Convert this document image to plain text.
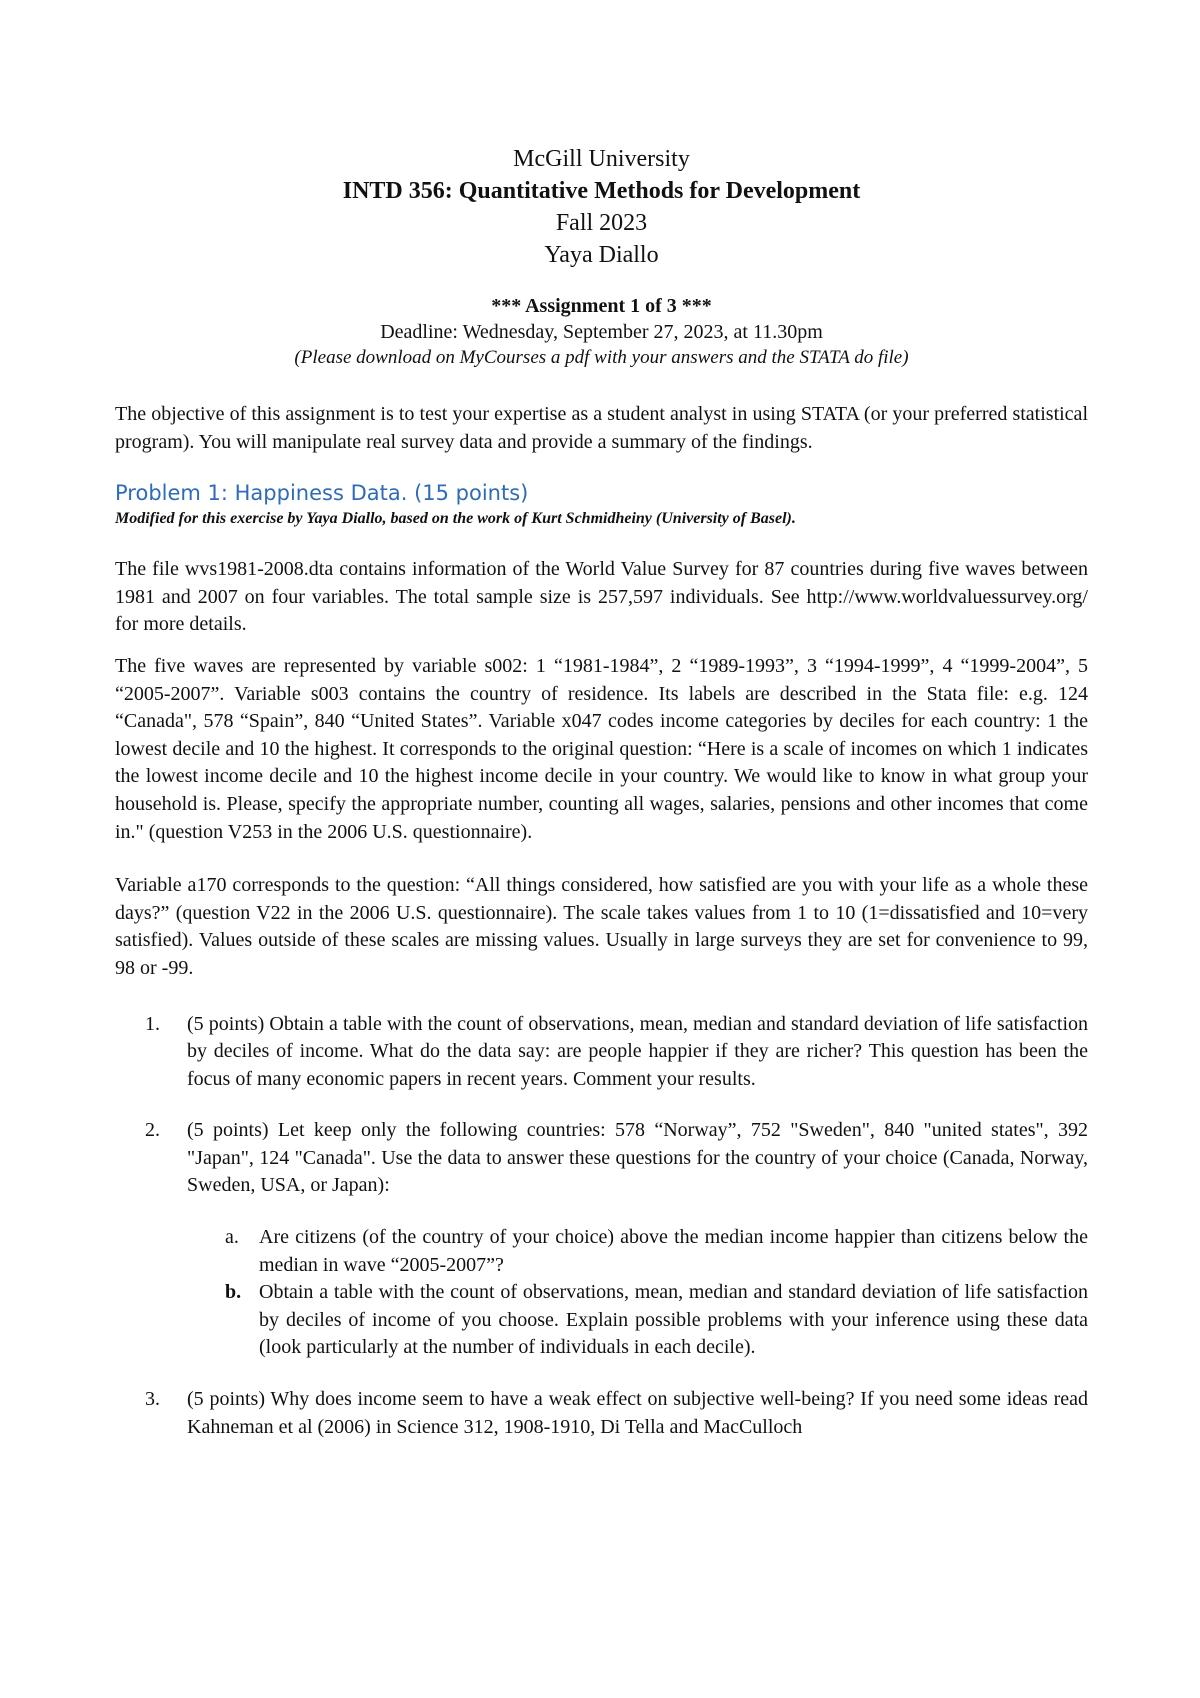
McGill University
INTD 356: Quantitative Methods for Development
Fall 2023
Yaya Diallo
*** Assignment 1 of 3 ***
Deadline: Wednesday, September 27, 2023, at 11.30pm
(Please download on MyCourses a pdf with your answers and the STATA do file)

The objective of this assignment is to test your expertise as a student analyst in using STATA (or your preferred statistical program). You will manipulate real survey data and provide a summary of the findings.

Problem 1: Happiness Data. (15 points)
Modified for this exercise by Yaya Diallo, based on the work of Kurt Schmidheiny (University of Basel).

The file wvs1981-2008.dta contains information of the World Value Survey for 87 countries during five waves between 1981 and 2007 on four variables. The total sample size is 257,597 individuals. See http://www.worldvaluessurvey.org/ for more details.

The five waves are represented by variable s002: 1 “1981-1984”, 2 “1989-1993”, 3 “1994-1999”, 4 “1999-2004”, 5 “2005-2007”. Variable s003 contains the country of residence. Its labels are described in the Stata file: e.g. 124 “Canada", 578 “Spain”, 840 “United States”. Variable x047 codes income categories by deciles for each country: 1 the lowest decile and 10 the highest. It corresponds to the original question: “Here is a scale of incomes on which 1 indicates the lowest income decile and 10 the highest income decile in your country. We would like to know in what group your household is. Please, specify the appropriate number, counting all wages, salaries, pensions and other incomes that come in." (question V253 in the 2006 U.S. questionnaire).

Variable a170 corresponds to the question: “All things considered, how satisfied are you with your life as a whole these days?” (question V22 in the 2006 U.S. questionnaire). The scale takes values from 1 to 10 (1=dissatisfied and 10=very satisfied). Values outside of these scales are missing values. Usually in large surveys they are set for convenience to 99, 98 or -99.

1. (5 points) Obtain a table with the count of observations, mean, median and standard deviation of life satisfaction by deciles of income. What do the data say: are people happier if they are richer? This question has been the focus of many economic papers in recent years. Comment your results.

2. (5 points) Let keep only the following countries: 578 “Norway”, 752 "Sweden", 840 "united states", 392 "Japan", 124 "Canada". Use the data to answer these questions for the country of your choice (Canada, Norway, Sweden, USA, or Japan):

a. Are citizens (of the country of your choice) above the median income happier than citizens below the median in wave “2005-2007”?

b. Obtain a table with the count of observations, mean, median and standard deviation of life satisfaction by deciles of income of you choose. Explain possible problems with your inference using these data (look particularly at the number of individuals in each decile).

3. (5 points) Why does income seem to have a weak effect on subjective well-being? If you need some ideas read Kahneman et al (2006) in Science 312, 1908-1910, Di Tella and MacCulloch
